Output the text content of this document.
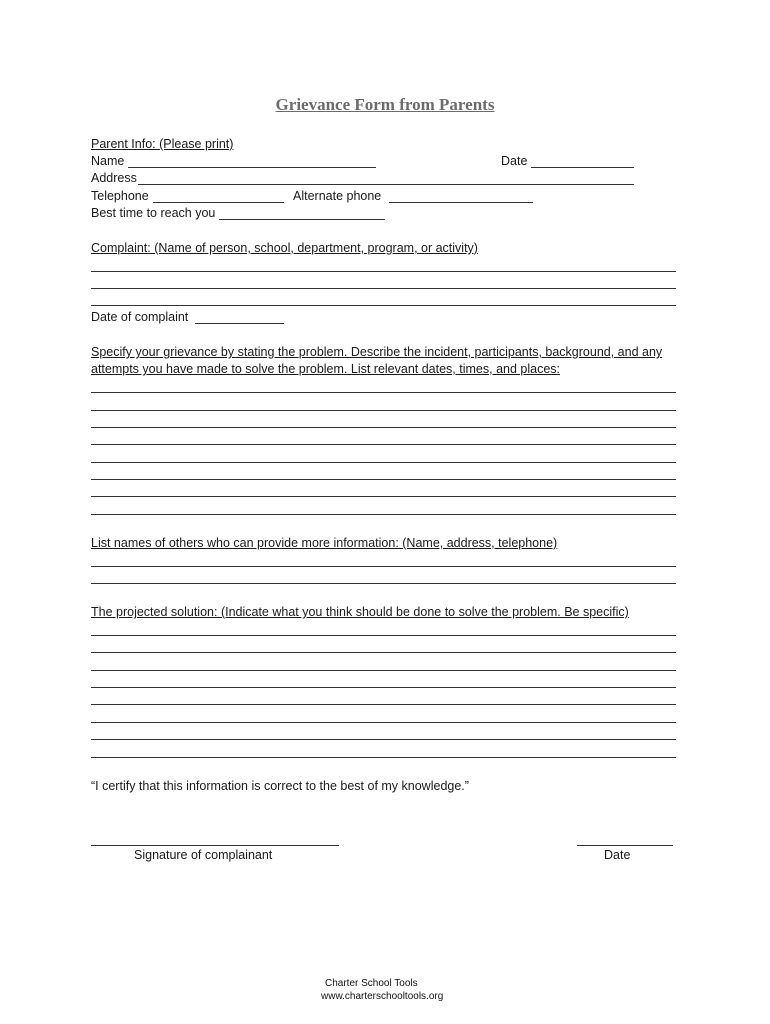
Grievance Form from Parents
Parent Info: (Please print)
Name	Date
Address
Telephone	Alternate phone
Best time to reach you
Complaint: (Name of person, school, department, program, or activity)
Date of complaint
Specify your grievance by stating the problem. Describe the incident, participants, background, and any
attempts you have made to solve the problem. List relevant dates, times, and places:
List names of others who can provide more information: (Name, address, telephone)
The projected solution: (Indicate what you think should be done to solve the problem. Be specific)
“I certify that this information is correct to the best of my knowledge.”
Signature of complainant	Date
Charter School Tools
www.charterschooltools.org
